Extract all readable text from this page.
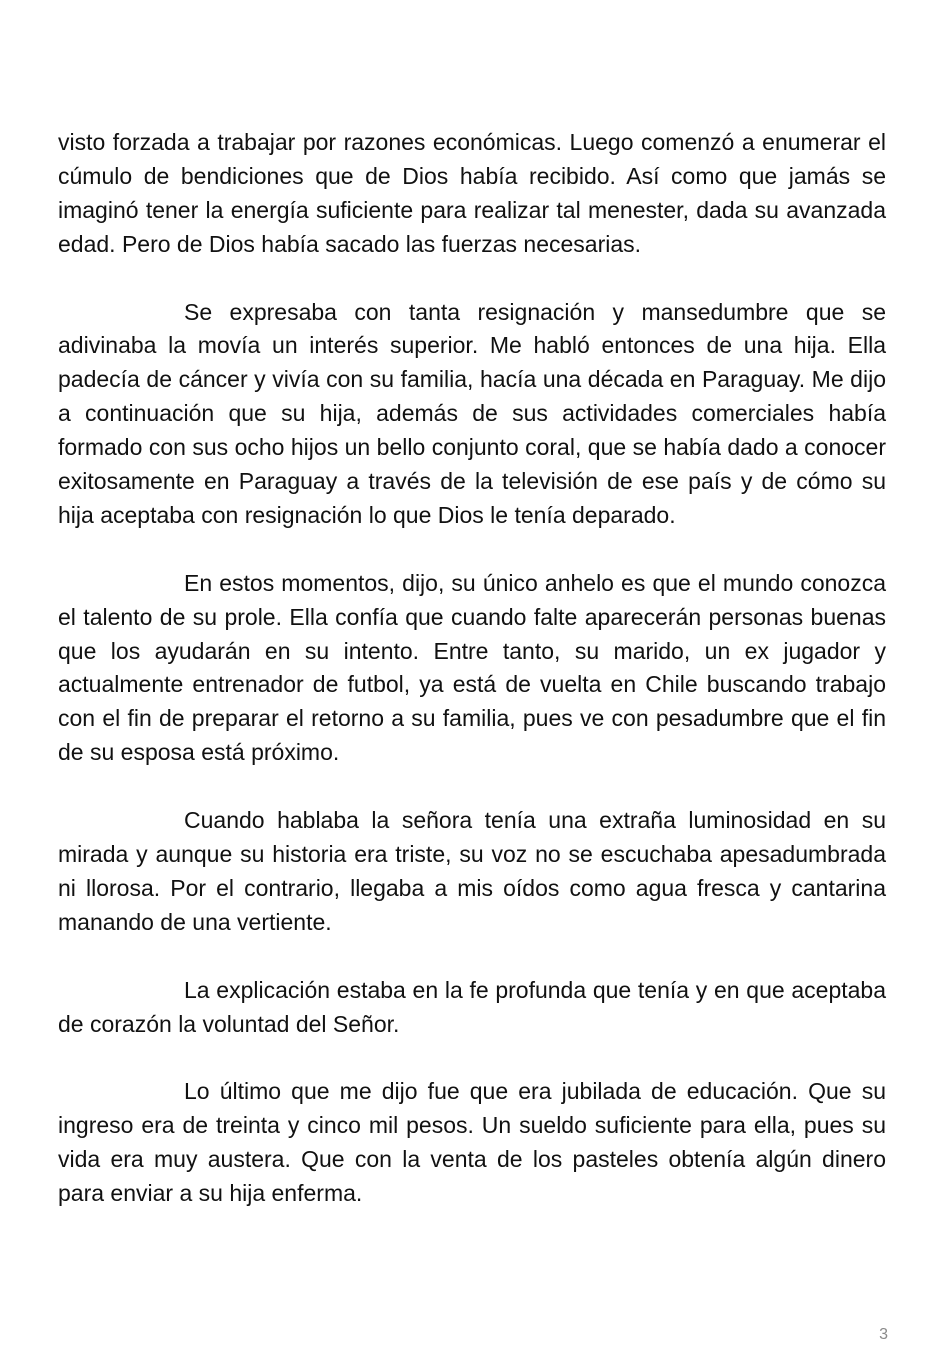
visto forzada a trabajar por razones económicas. Luego comenzó a enumerar el cúmulo de bendiciones que de Dios había recibido. Así como que jamás se imaginó tener la energía suficiente para realizar tal menester, dada su avanzada edad. Pero de Dios había sacado las fuerzas necesarias.

Se expresaba con tanta resignación y mansedumbre que se adivinaba la movía un interés superior. Me habló entonces de una hija. Ella padecía de cáncer y vivía con su familia, hacía una década en Paraguay. Me dijo a continuación que su hija, además de sus actividades comerciales había formado con sus ocho hijos un bello conjunto coral, que se había dado a conocer exitosamente en Paraguay a través de la televisión de ese país y de cómo su hija aceptaba con resignación lo que Dios le tenía deparado.

En estos momentos, dijo, su único anhelo es que el mundo conozca el talento de su prole. Ella confía que cuando falte aparecerán personas buenas que los ayudarán en su intento. Entre tanto, su marido, un ex jugador y actualmente entrenador de futbol, ya está de vuelta en Chile buscando trabajo con el fin de preparar el retorno a su familia, pues ve con pesadumbre que el fin de su esposa está próximo.

Cuando hablaba la señora tenía una extraña luminosidad en su mirada y aunque su historia era triste, su voz no se escuchaba apesadumbrada ni llorosa. Por el contrario, llegaba a mis oídos como agua fresca y cantarina manando de una vertiente.

La explicación estaba en la fe profunda que tenía y en que aceptaba de corazón la voluntad del Señor.

Lo último que me dijo fue que era jubilada de educación. Que su ingreso era de treinta y cinco mil pesos. Un sueldo suficiente para ella, pues su vida era muy austera. Que con la venta de los pasteles obtenía algún dinero para enviar a su hija enferma.

3
